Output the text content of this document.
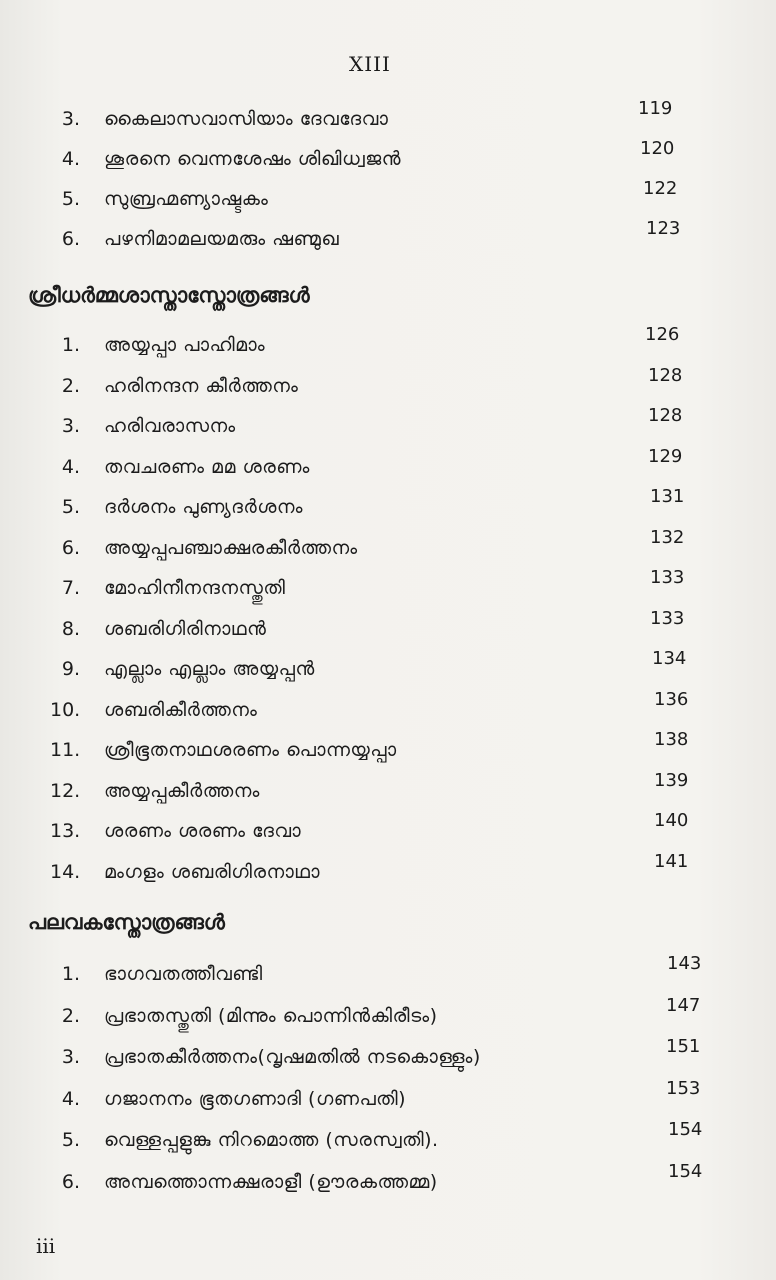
XIII
3. കൈലാസവാസിയാം ദേവദേവാ	119
4. ശൂരനെ വെന്നശേഷം ശിഖിധ്വജൻ	120
5. സുബ്രഹ്മണ്യാഷ്ടകം	122
6. പഴനിമാമലയമരും ഷണ്മുഖ	123
ശ്രീധർമ്മശാസ്താസ്തോത്രങ്ങൾ
1. അയ്യപ്പാ പാഹിമാം	126
2. ഹരിനന്ദന കീർത്തനം	128
3. ഹരിവരാസനം	128
4. തവചരണം മമ ശരണം	129
5. ദർശനം പുണ്യദർശനം	131
6. അയ്യപ്പപഞ്ചാക്ഷരകീർത്തനം	132
7. മോഹിനീനന്ദനസ്തുതി	133
8. ശബരിഗിരിനാഥൻ	133
9. എല്ലാം എല്ലാം അയ്യപ്പൻ	134
10. ശബരികീർത്തനം	136
11. ശ്രീഭൂതനാഥശരണം പൊന്നയ്യപ്പാ	138
12. അയ്യപ്പകീർത്തനം	139
13. ശരണം ശരണം ദേവാ	140
14. മംഗളം ശബരിഗിരനാഥാ	141
പലവകസ്തോത്രങ്ങൾ
1. ഭാഗവതത്തീവണ്ടി	143
2. പ്രഭാതസ്തുതി (മിന്നും പൊന്നിൻകിരീടം)	147
3. പ്രഭാതകീർത്തനം(വൃഷമതിൽ നടകൊള്ളും)	151
4. ഗജാനനം ഭൂതഗണാദി (ഗണപതി)	153
5. വെള്ളപ്പളുങ്കു നിറമൊത്ത (സരസ്വതി).	154
6. അമ്പത്തൊന്നക്ഷരാളീ (ഊരകത്തമ്മ)	154
iii
